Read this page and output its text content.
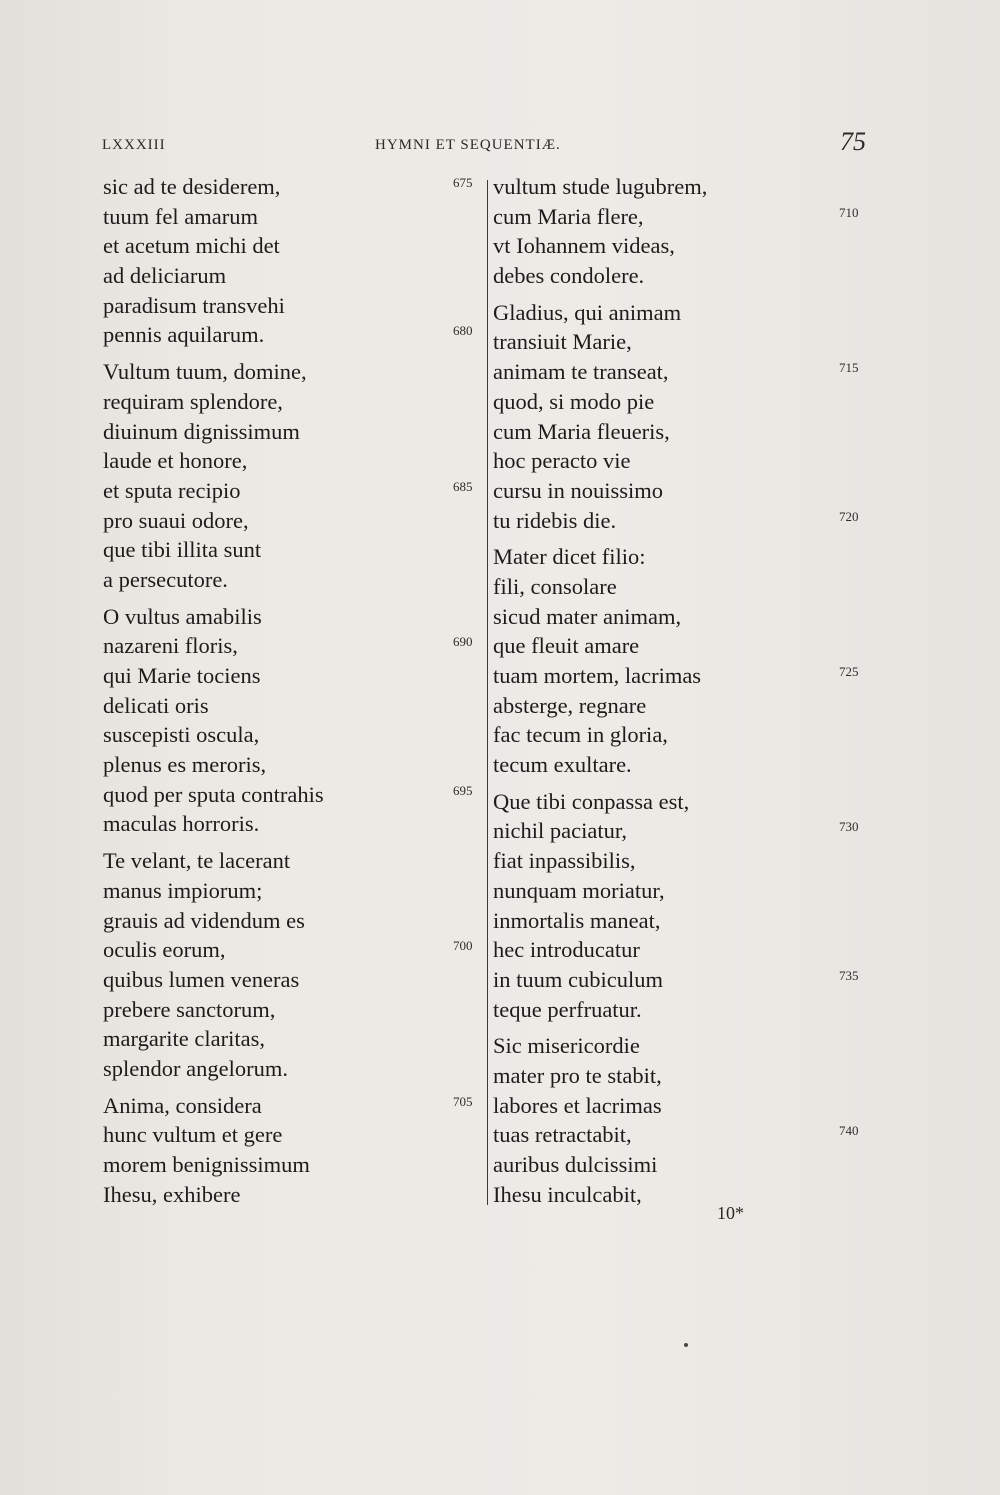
LXXXIII	HYMNI ET SEQUENTIÆ.	75
sic ad te desiderem,	675
tuum fel amarum
et acetum michi det
ad deliciarum
paradisum transvehi
pennis aquilarum.	680
Vultum tuum, domine,
requiram splendore,
diuinum dignissimum
laude et honore,
et sputa recipio	685
pro suaui odore,
que tibi illita sunt
a persecutore.
O vultus amabilis
nazareni floris,	690
qui Marie tociens
delicati oris
suscepisti oscula,
plenus es meroris,
quod per sputa contrahis	695
maculas horroris.
Te velant, te lacerant
manus impiorum;
grauis ad videndum es
oculis eorum,	700
quibus lumen veneras
prebere sanctorum,
margarite claritas,
splendor angelorum.
Anima, considera	705
hunc vultum et gere
morem benignissimum
Ihesu, exhibere
vultum stude lugubrem,
cum Maria flere,	710
vt Iohannem videas,
debes condolere.
Gladius, qui animam
transiuit Marie,
animam te transeat,	715
quod, si modo pie
cum Maria fleueris,
hoc peracto vie
cursu in nouissimo
tu ridebis die.	720
Mater dicet filio:
fili, consolare
sicud mater animam,
que fleuit amare
tuam mortem, lacrimas	725
absterge, regnare
fac tecum in gloria,
tecum exultare.
Que tibi conpassa est,
nichil paciatur,	730
fiat inpassibilis,
nunquam moriatur,
inmortalis maneat,
hec introducatur
in tuum cubiculum	735
teque perfruatur.
Sic misericordie
mater pro te stabit,
labores et lacrimas
tuas retractabit,	740
auribus dulcissimi
Ihesu inculcabit,
10*
